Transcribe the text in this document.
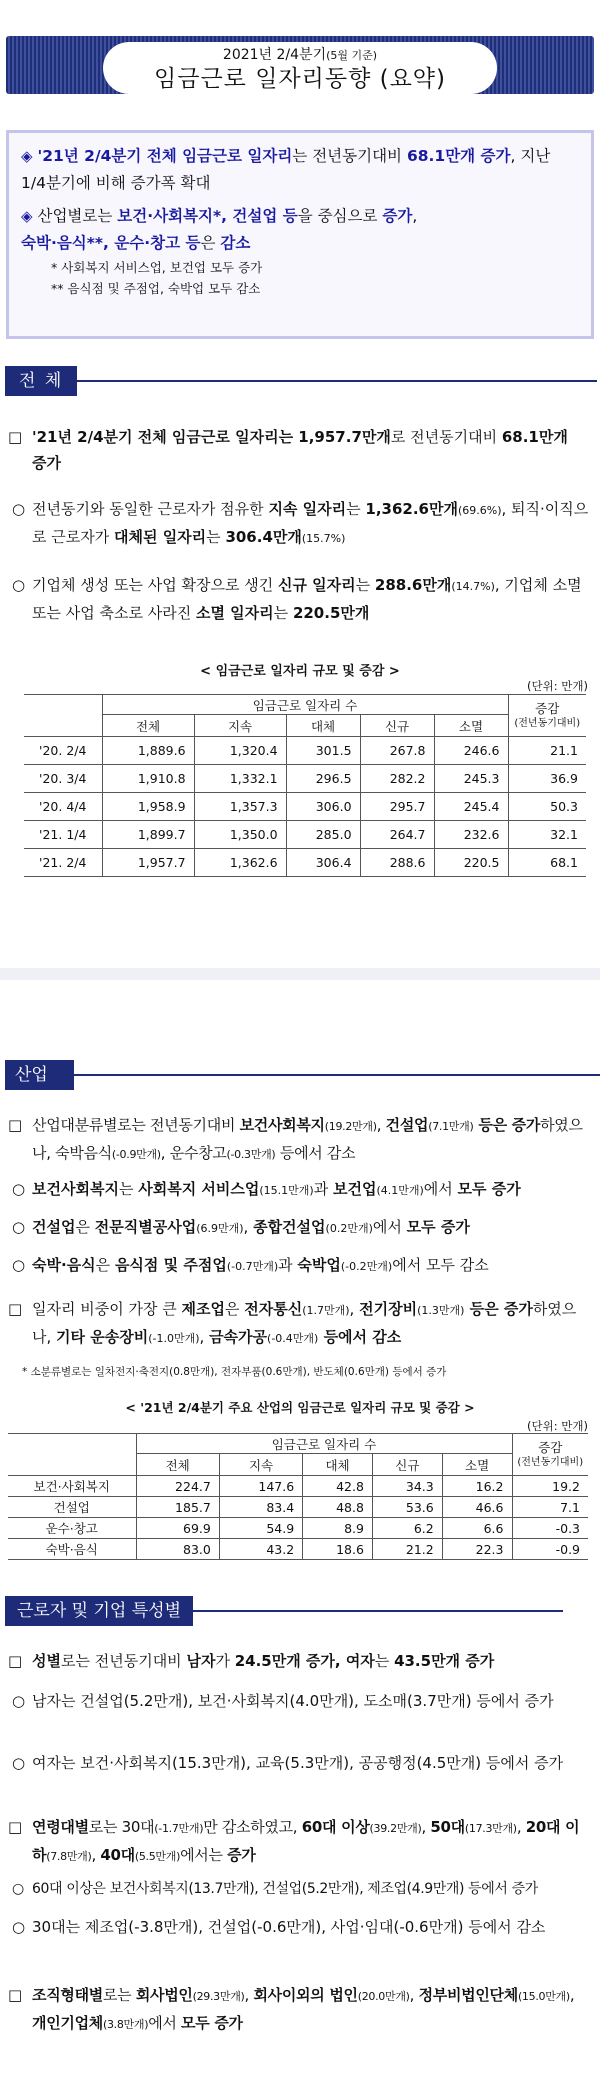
2021년 2/4분기(5월 기준)
임금근로 일자리동향 (요약)
◈ '21년 2/4분기 전체 임금근로 일자리는 전년동기대비 68.1만개 증가, 지난 1/4분기에 비해 증가폭 확대
◈ 산업별로는 보건·사회복지*, 건설업 등을 중심으로 증가,
숙박·음식**, 운수·창고 등은 감소
* 사회복지 서비스업, 보건업 모두 증가
** 음식점 및 주점업, 숙박업 모두 감소
전 체
□ '21년 2/4분기 전체 임금근로 일자리는 1,957.7만개로 전년동기대비 68.1만개
증가
○ 전년동기와 동일한 근로자가 점유한 지속 일자리는 1,362.6만개(69.6%), 퇴직·이직으로 근로자가 대체된 일자리는 306.4만개(15.7%)
○ 기업체 생성 또는 사업 확장으로 생긴 신규 일자리는 288.6만개(14.7%), 기업체 소멸 또는 사업 축소로 사라진 소멸 일자리는 220.5만개
< 임금근로 일자리 규모 및 증감 >
(단위: 만개)
	임금근로 일자리 수					증감
(전년동기대비)
	전체	지속	대체	신규	소멸	
'20. 2/4	1,889.6	1,320.4	301.5	267.8	246.6	21.1
'20. 3/4	1,910.8	1,332.1	296.5	282.2	245.3	36.9
'20. 4/4	1,958.9	1,357.3	306.0	295.7	245.4	50.3
'21. 1/4	1,899.7	1,350.0	285.0	264.7	232.6	32.1
'21. 2/4	1,957.7	1,362.6	306.4	288.6	220.5	68.1
산업별
□ 산업대분류별로는 전년동기대비 보건사회복지(19.2만개), 건설업(7.1만개) 등은 증가하였으나, 숙박음식(-0.9만개), 운수창고(-0.3만개) 등에서 감소
○ 보건사회복지는 사회복지 서비스업(15.1만개)과 보건업(4.1만개)에서 모두 증가
○ 건설업은 전문직별공사업(6.9만개), 종합건설업(0.2만개)에서 모두 증가
○ 숙박·음식은 음식점 및 주점업(-0.7만개)과 숙박업(-0.2만개)에서 모두 감소
□ 일자리 비중이 가장 큰 제조업은 전자통신(1.7만개), 전기장비(1.3만개) 등은 증가하였으나, 기타 운송장비(-1.0만개), 금속가공(-0.4만개) 등에서 감소
* 소분류별로는 일차전지·축전지(0.8만개), 전자부품(0.6만개), 반도체(0.6만개) 등에서 증가
< '21년 2/4분기 주요 산업의 임금근로 일자리 규모 및 증감 >
(단위: 만개)
	임금근로 일자리 수					증감
(전년동기대비)
	전체	지속	대체	신규	소멸	
보건·사회복지	224.7	147.6	42.8	34.3	16.2	19.2
건설업	185.7	83.4	48.8	53.6	46.6	7.1
운수·창고	69.9	54.9	8.9	6.2	6.6	-0.3
숙박·음식	83.0	43.2	18.6	21.2	22.3	-0.9
근로자 및 기업 특성별
□ 성별로는 전년동기대비 남자가 24.5만개 증가, 여자는 43.5만개 증가
○ 남자는 건설업(5.2만개), 보건·사회복지(4.0만개), 도소매(3.7만개) 등에서 증가
○ 여자는 보건·사회복지(15.3만개), 교육(5.3만개), 공공행정(4.5만개) 등에서 증가
□ 연령대별로는 30대(-1.7만개)만 감소하였고, 60대 이상(39.2만개), 50대(17.3만개), 20대 이하(7.8만개), 40대(5.5만개)에서는 증가
○ 60대 이상은 보건사회복지(13.7만개), 건설업(5.2만개), 제조업(4.9만개) 등에서 증가
○ 30대는 제조업(-3.8만개), 건설업(-0.6만개), 사업·임대(-0.6만개) 등에서 감소
□ 조직형태별로는 회사법인(29.3만개), 회사이외의 법인(20.0만개), 정부비법인단체(15.0만개), 개인기업체(3.8만개)에서 모두 증가
